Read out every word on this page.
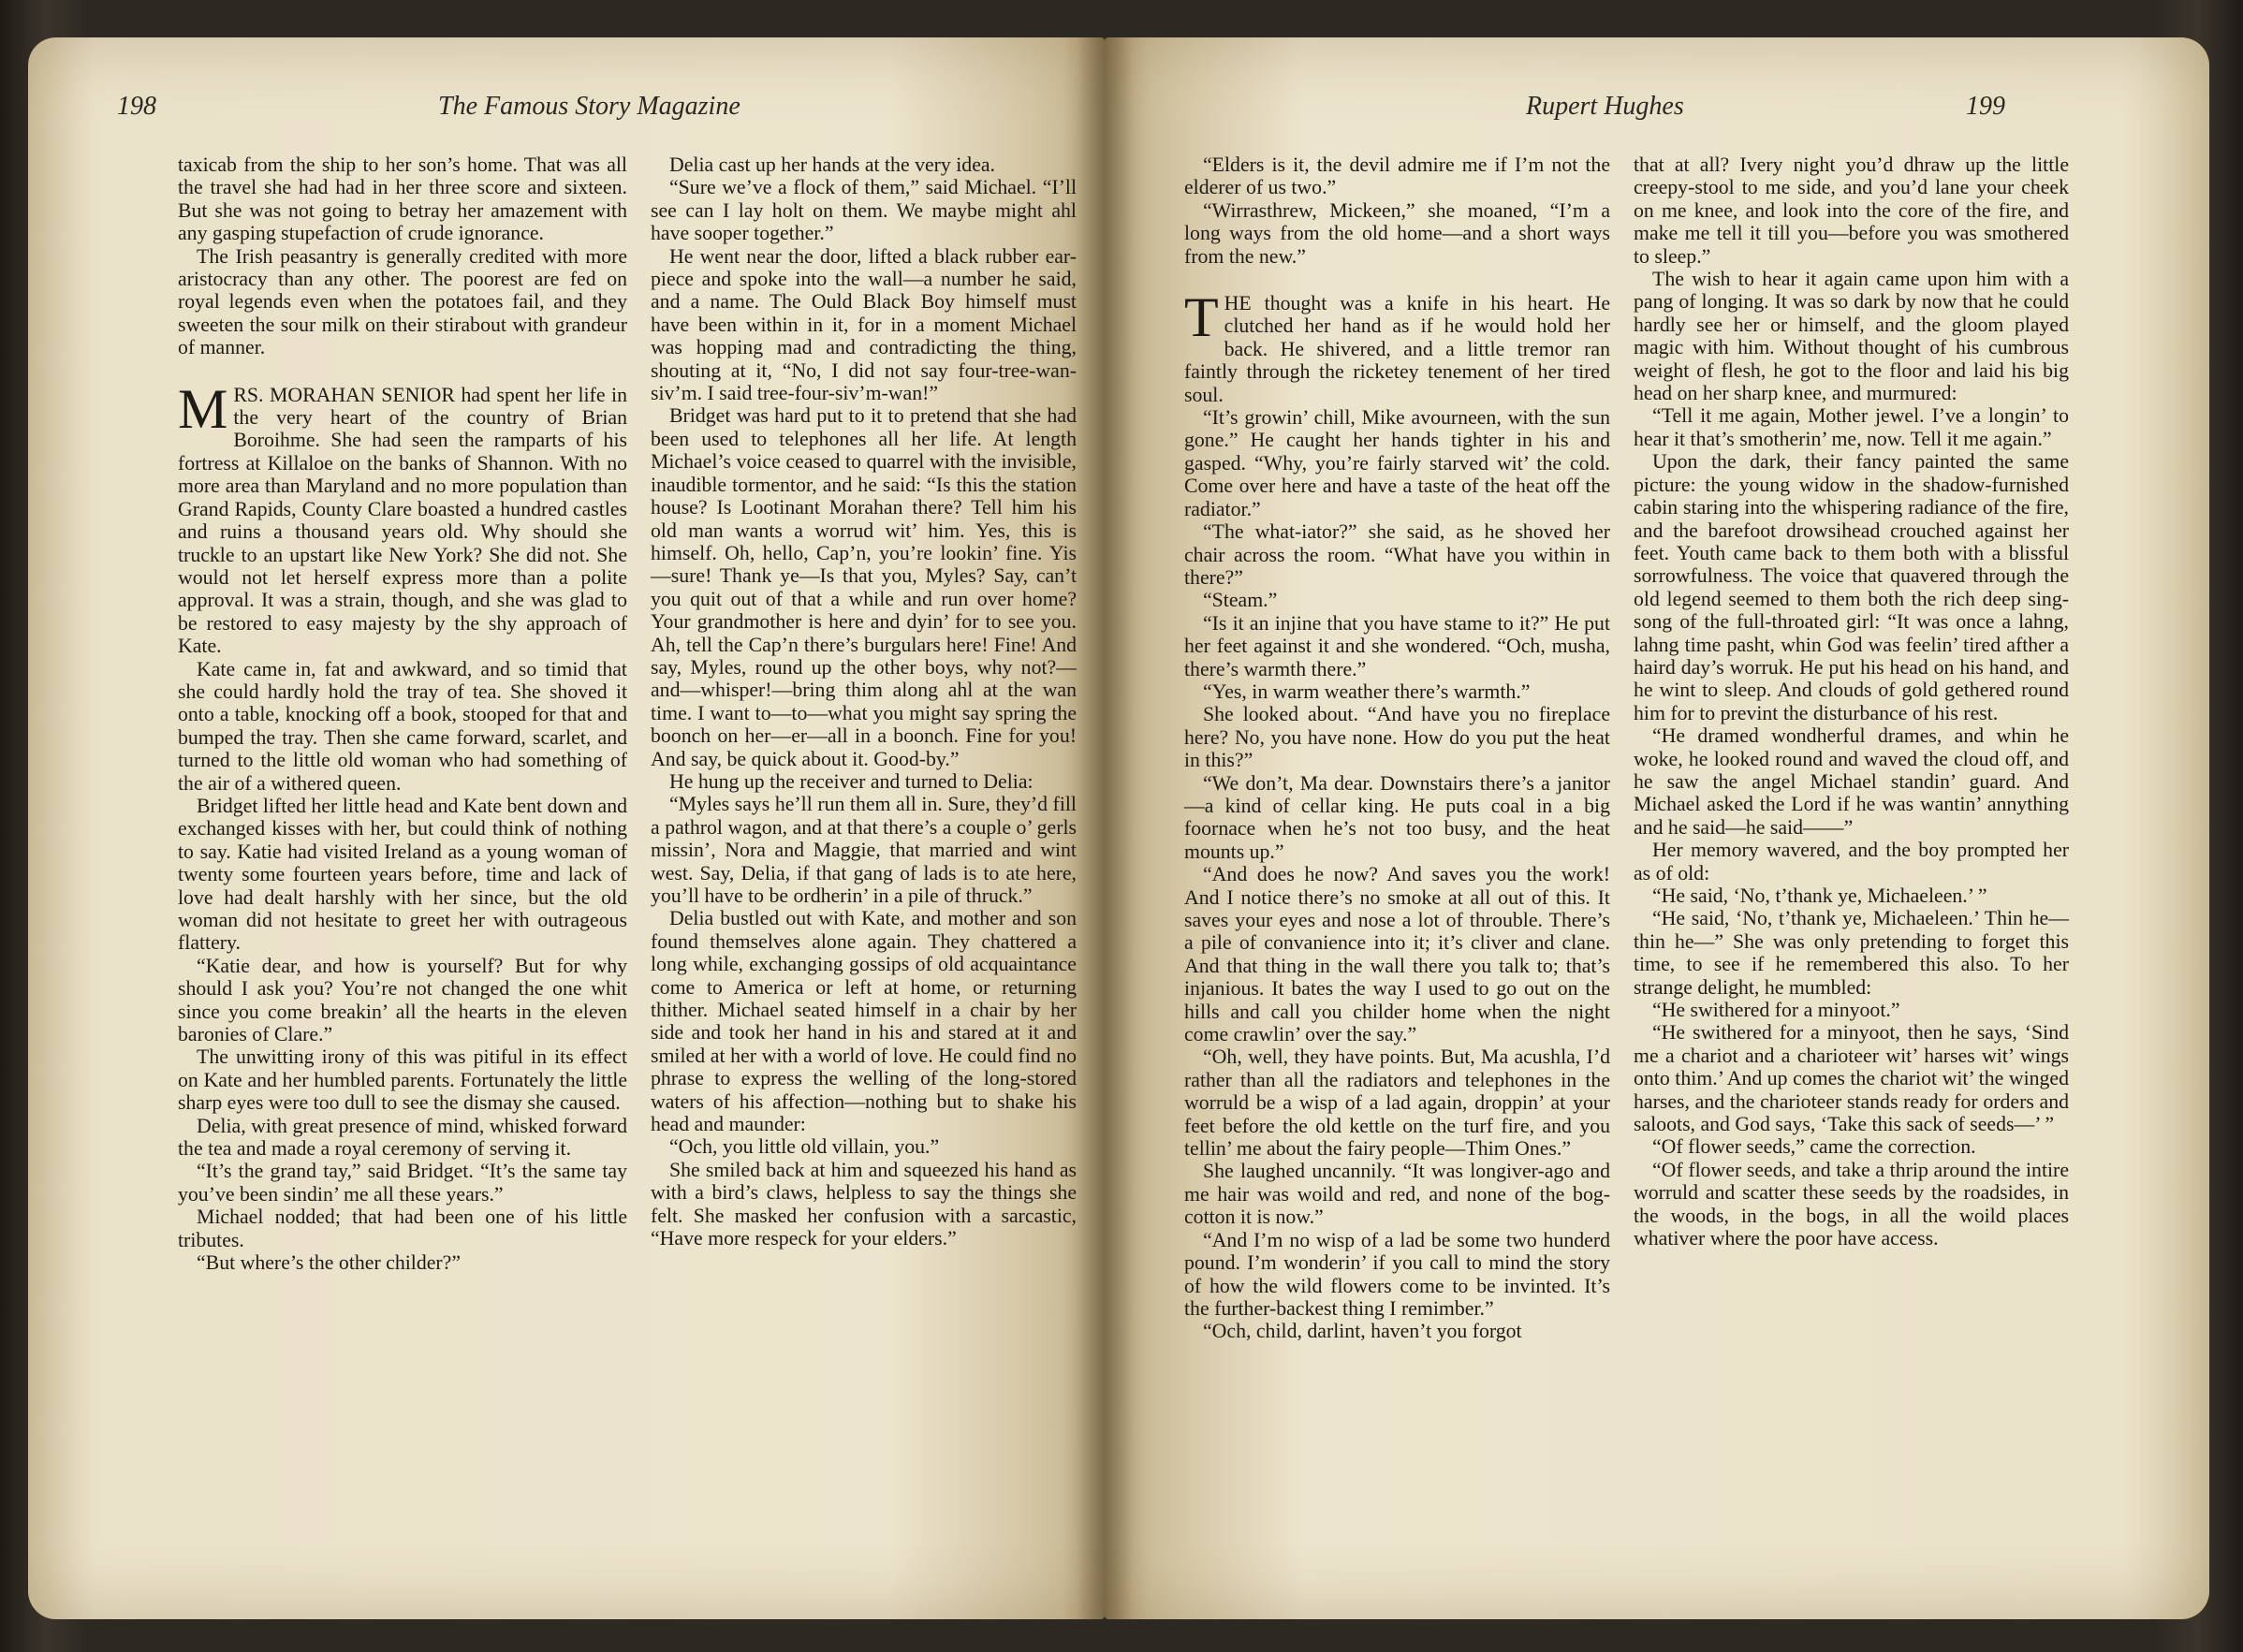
198	The Famous Story Magazine

taxicab from the ship to her son’s home. That was all the travel she had had in her three score and sixteen. But she was not going to betray her amazement with any gasping stupefaction of crude ignorance.

The Irish peasantry is generally credited with more aristocracy than any other. The poorest are fed on royal legends even when the potatoes fail, and they sweeten the sour milk on their stirabout with grandeur of manner.

MRS. MORAHAN SENIOR had spent her life in the very heart of the country of Brian Boroihme. She had seen the ramparts of his fortress at Killaloe on the banks of Shannon. With no more area than Maryland and no more population than Grand Rapids, County Clare boasted a hundred castles and ruins a thousand years old. Why should she truckle to an upstart like New York? She did not. She would not let herself express more than a polite approval. It was a strain, though, and she was glad to be restored to easy majesty by the shy approach of Kate.

Kate came in, fat and awkward, and so timid that she could hardly hold the tray of tea. She shoved it onto a table, knocking off a book, stooped for that and bumped the tray. Then she came forward, scarlet, and turned to the little old woman who had something of the air of a withered queen.

Bridget lifted her little head and Kate bent down and exchanged kisses with her, but could think of nothing to say. Katie had visited Ireland as a young woman of twenty some fourteen years before, time and lack of love had dealt harshly with her since, but the old woman did not hesitate to greet her with outrageous flattery.

“Katie dear, and how is yourself? But for why should I ask you? You’re not changed the one whit since you come breakin’ all the hearts in the eleven baronies of Clare.”

The unwitting irony of this was pitiful in its effect on Kate and her humbled parents. Fortunately the little sharp eyes were too dull to see the dismay she caused.

Delia, with great presence of mind, whisked forward the tea and made a royal ceremony of serving it.

“It’s the grand tay,” said Bridget. “It’s the same tay you’ve been sindin’ me all these years.”

Michael nodded; that had been one of his little tributes.

“But where’s the other childer?”

Delia cast up her hands at the very idea.

“Sure we’ve a flock of them,” said Michael. “I’ll see can I lay holt on them. We maybe might ahl have sooper together.”

He went near the door, lifted a black rubber ear-piece and spoke into the wall—a number he said, and a name. The Ould Black Boy himself must have been within in it, for in a moment Michael was hopping mad and contradicting the thing, shouting at it, “No, I did not say four-tree-wan-siv’m. I said tree-four-siv’m-wan!”

Bridget was hard put to it to pretend that she had been used to telephones all her life. At length Michael’s voice ceased to quarrel with the invisible, inaudible tormentor, and he said: “Is this the station house? Is Lootinant Morahan there? Tell him his old man wants a worrud wit’ him. Yes, this is himself. Oh, hello, Cap’n, you’re lookin’ fine. Yis—sure! Thank ye—Is that you, Myles? Say, can’t you quit out of that a while and run over home? Your grandmother is here and dyin’ for to see you. Ah, tell the Cap’n there’s burgulars here! Fine! And say, Myles, round up the other boys, why not?—and—whisper!—bring thim along ahl at the wan time. I want to—to—what you might say spring the boonch on her—er—all in a boonch. Fine for you! And say, be quick about it. Good-by.”

He hung up the receiver and turned to Delia:

“Myles says he’ll run them all in. Sure, they’d fill a pathrol wagon, and at that there’s a couple o’ gerls missin’, Nora and Maggie, that married and wint west. Say, Delia, if that gang of lads is to ate here, you’ll have to be ordherin’ in a pile of thruck.”

Delia bustled out with Kate, and mother and son found themselves alone again. They chattered a long while, exchanging gossips of old acquaintance come to America or left at home, or returning thither. Michael seated himself in a chair by her side and took her hand in his and stared at it and smiled at her with a world of love. He could find no phrase to express the welling of the long-stored waters of his affection—nothing but to shake his head and maunder:

“Och, you little old villain, you.”

She smiled back at him and squeezed his hand as with a bird’s claws, helpless to say the things she felt. She masked her confusion with a sarcastic, “Have more respeck for your elders.”

Rupert Hughes	199

“Elders is it, the devil admire me if I’m not the elderer of us two.”

“Wirrasthrew, Mickeen,” she moaned, “I’m a long ways from the old home—and a short ways from the new.”

THE thought was a knife in his heart. He clutched her hand as if he would hold her back. He shivered, and a little tremor ran faintly through the ricketey tenement of her tired soul.

“It’s growin’ chill, Mike avourneen, with the sun gone.” He caught her hands tighter in his and gasped. “Why, you’re fairly starved wit’ the cold. Come over here and have a taste of the heat off the radiator.”

“The what-iator?” she said, as he shoved her chair across the room. “What have you within in there?”

“Steam.”

“Is it an injine that you have stame to it?” He put her feet against it and she wondered. “Och, musha, there’s warmth there.”

“Yes, in warm weather there’s warmth.”

She looked about. “And have you no fireplace here? No, you have none. How do you put the heat in this?”

“We don’t, Ma dear. Downstairs there’s a janitor—a kind of cellar king. He puts coal in a big foornace when he’s not too busy, and the heat mounts up.”

“And does he now? And saves you the work! And I notice there’s no smoke at all out of this. It saves your eyes and nose a lot of throuble. There’s a pile of convanience into it; it’s cliver and clane. And that thing in the wall there you talk to; that’s injanious. It bates the way I used to go out on the hills and call you childer home when the night come crawlin’ over the say.”

“Oh, well, they have points. But, Ma acushla, I’d rather than all the radiators and telephones in the worruld be a wisp of a lad again, droppin’ at your feet before the old kettle on the turf fire, and you tellin’ me about the fairy people—Thim Ones.”

She laughed uncannily. “It was longiver-ago and me hair was woild and red, and none of the bog-cotton it is now.”

“And I’m no wisp of a lad be some two hunderd pound. I’m wonderin’ if you call to mind the story of how the wild flowers come to be invinted. It’s the further-backest thing I remimber.”

“Och, child, darlint, haven’t you forgot

that at all? Ivery night you’d dhraw up the little creepy-stool to me side, and you’d lane your cheek on me knee, and look into the core of the fire, and make me tell it till you—before you was smothered to sleep.”

The wish to hear it again came upon him with a pang of longing. It was so dark by now that he could hardly see her or himself, and the gloom played magic with him. Without thought of his cumbrous weight of flesh, he got to the floor and laid his big head on her sharp knee, and murmured:

“Tell it me again, Mother jewel. I’ve a longin’ to hear it that’s smotherin’ me, now. Tell it me again.”

Upon the dark, their fancy painted the same picture: the young widow in the shadow-furnished cabin staring into the whispering radiance of the fire, and the barefoot drowsihead crouched against her feet. Youth came back to them both with a blissful sorrowfulness. The voice that quavered through the old legend seemed to them both the rich deep sing-song of the full-throated girl: “It was once a lahng, lahng time pasht, whin God was feelin’ tired afther a haird day’s worruk. He put his head on his hand, and he wint to sleep. And clouds of gold gethered round him for to prevint the disturbance of his rest.

“He dramed wondherful drames, and whin he woke, he looked round and waved the cloud off, and he saw the angel Michael standin’ guard. And Michael asked the Lord if he was wantin’ annything and he said—he said——”

Her memory wavered, and the boy prompted her as of old:

“He said, ‘No, t’thank ye, Michaeleen.’ ”

“He said, ‘No, t’thank ye, Michaeleen.’ Thin he—thin he—” She was only pretending to forget this time, to see if he remembered this also. To her strange delight, he mumbled:

“He swithered for a minyoot.”

“He swithered for a minyoot, then he says, ‘Sind me a chariot and a charioteer wit’ harses wit’ wings onto thim.’ And up comes the chariot wit’ the winged harses, and the charioteer stands ready for orders and saloots, and God says, ‘Take this sack of seeds—’ ”

“Of flower seeds,” came the correction.

“Of flower seeds, and take a thrip around the intire worruld and scatter these seeds by the roadsides, in the woods, in the bogs, in all the woild places whativer where the poor have access.
